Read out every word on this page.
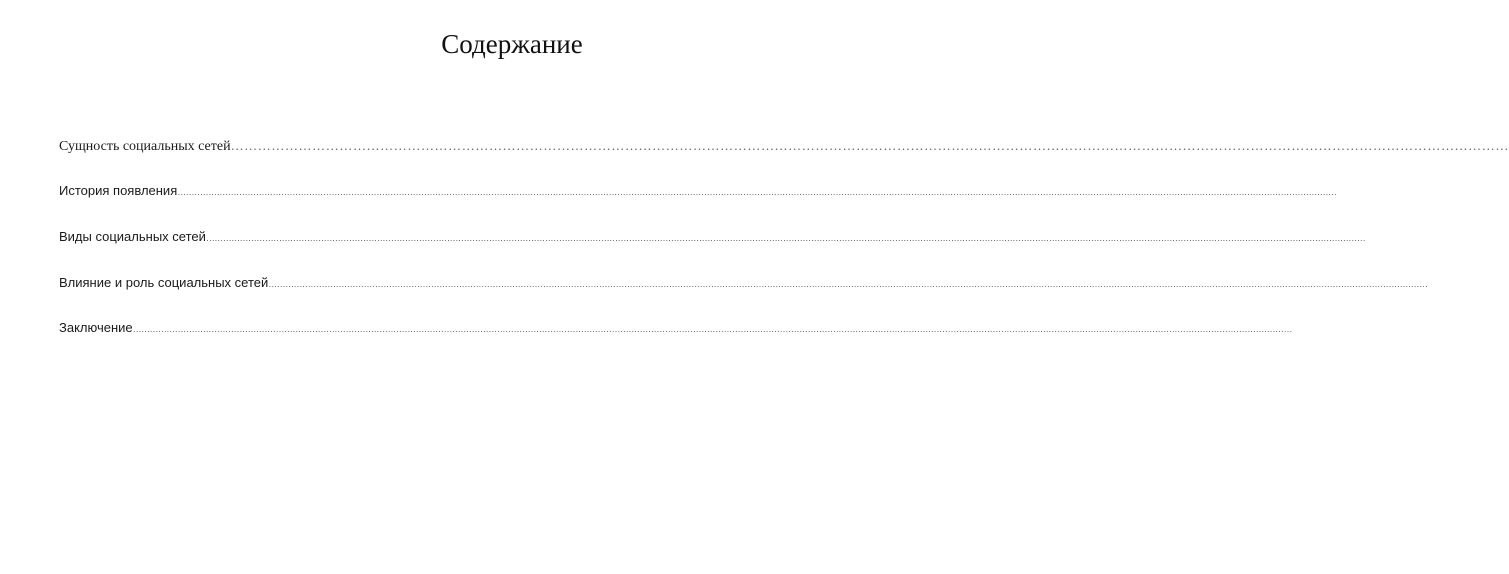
Содержание
Сущность социальных сетей …………………………………………………………………………………………………………………………………………………………………………………………………………………………………………………………
История появления ………………………………………………………………………………………………………………………………………………………………………………………………………………………………………………………………………………………………………………………………………………………………………………
Виды социальных сетей ………………………………………………………………………………………………………………………………………………………………………………………………………………………………………………………………………………………………………………………………………………………………………………
Влияние и роль социальных сетей ………………………………………………………………………………………………………………………………………………………………………………………………………………………………………………………………………………………………………………………………………………………………………………
Заключение ………………………………………………………………………………………………………………………………………………………………………………………………………………………………………………………………………………………………………………………………………………………………………………
